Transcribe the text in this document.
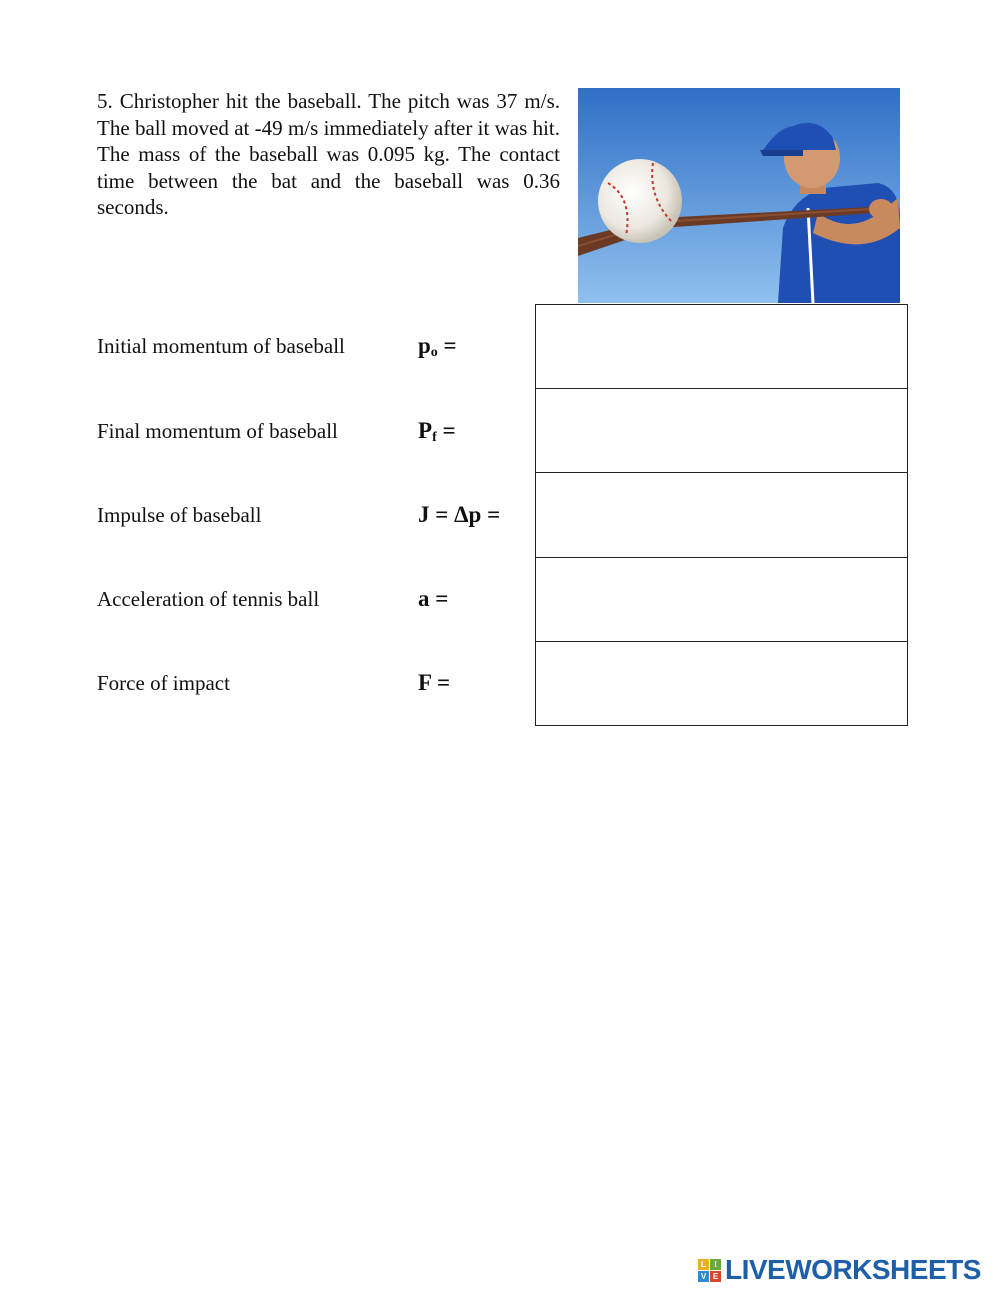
5. Christopher hit the baseball. The pitch was 37 m/s. The ball moved at -49 m/s immediately after it was hit. The mass of the baseball was 0.095 kg. The contact time between the bat and the baseball was 0.36 seconds.

Initial momentum of baseball	$p_o$ =
Final momentum of baseball	$P_f$ =
Impulse of baseball	J = Δp =
Acceleration of tennis ball	a =
Force of impact	F =
L	I
V E LIVEWORKSHEETS
